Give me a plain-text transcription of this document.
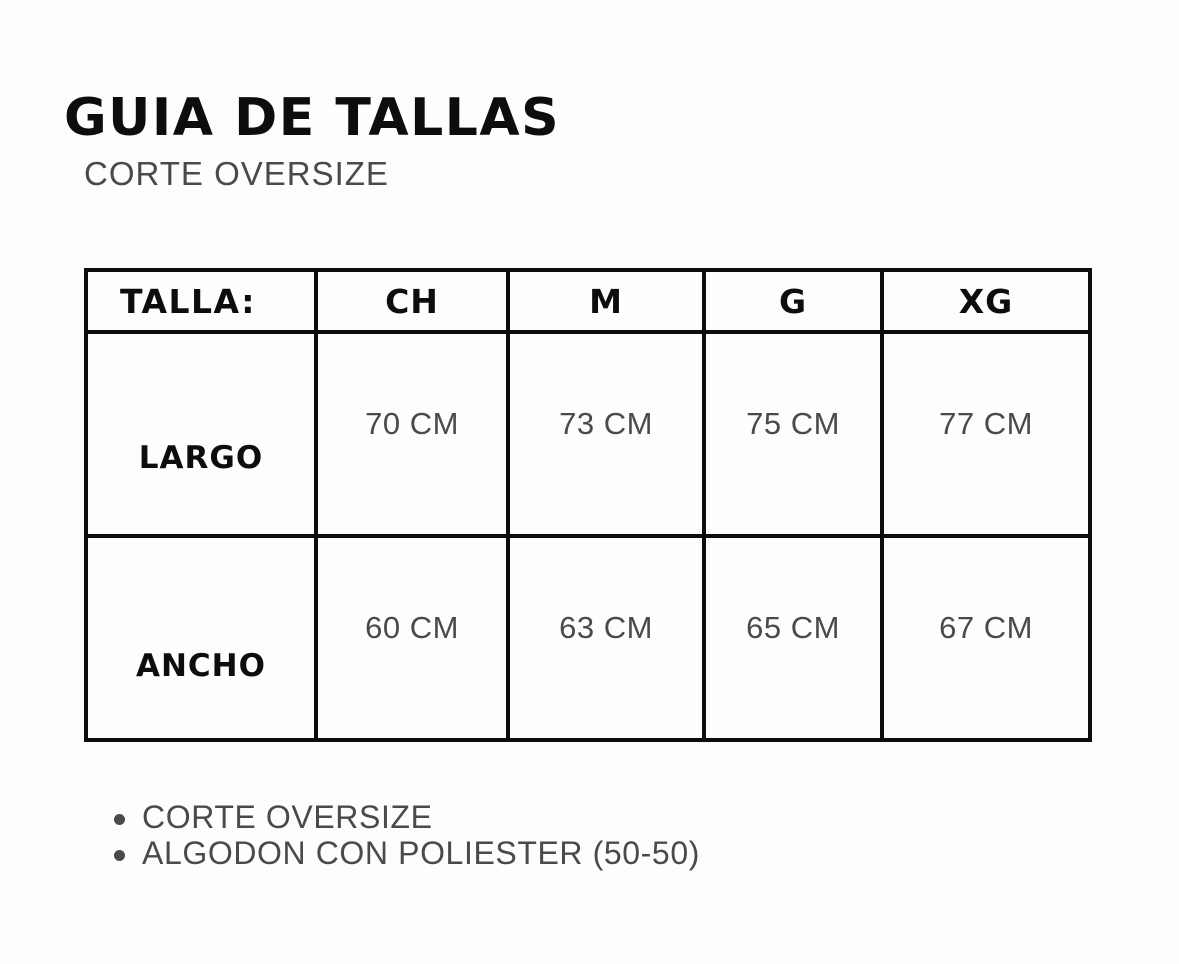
GUIA DE TALLAS
CORTE OVERSIZE
TALLA:	CH	M	G	XG

LARGO	70 CM	73 CM	75 CM	77 CM

ANCHO	60 CM	63 CM	65 CM	67 CM
CORTE OVERSIZE
ALGODON CON POLIESTER (50-50)
